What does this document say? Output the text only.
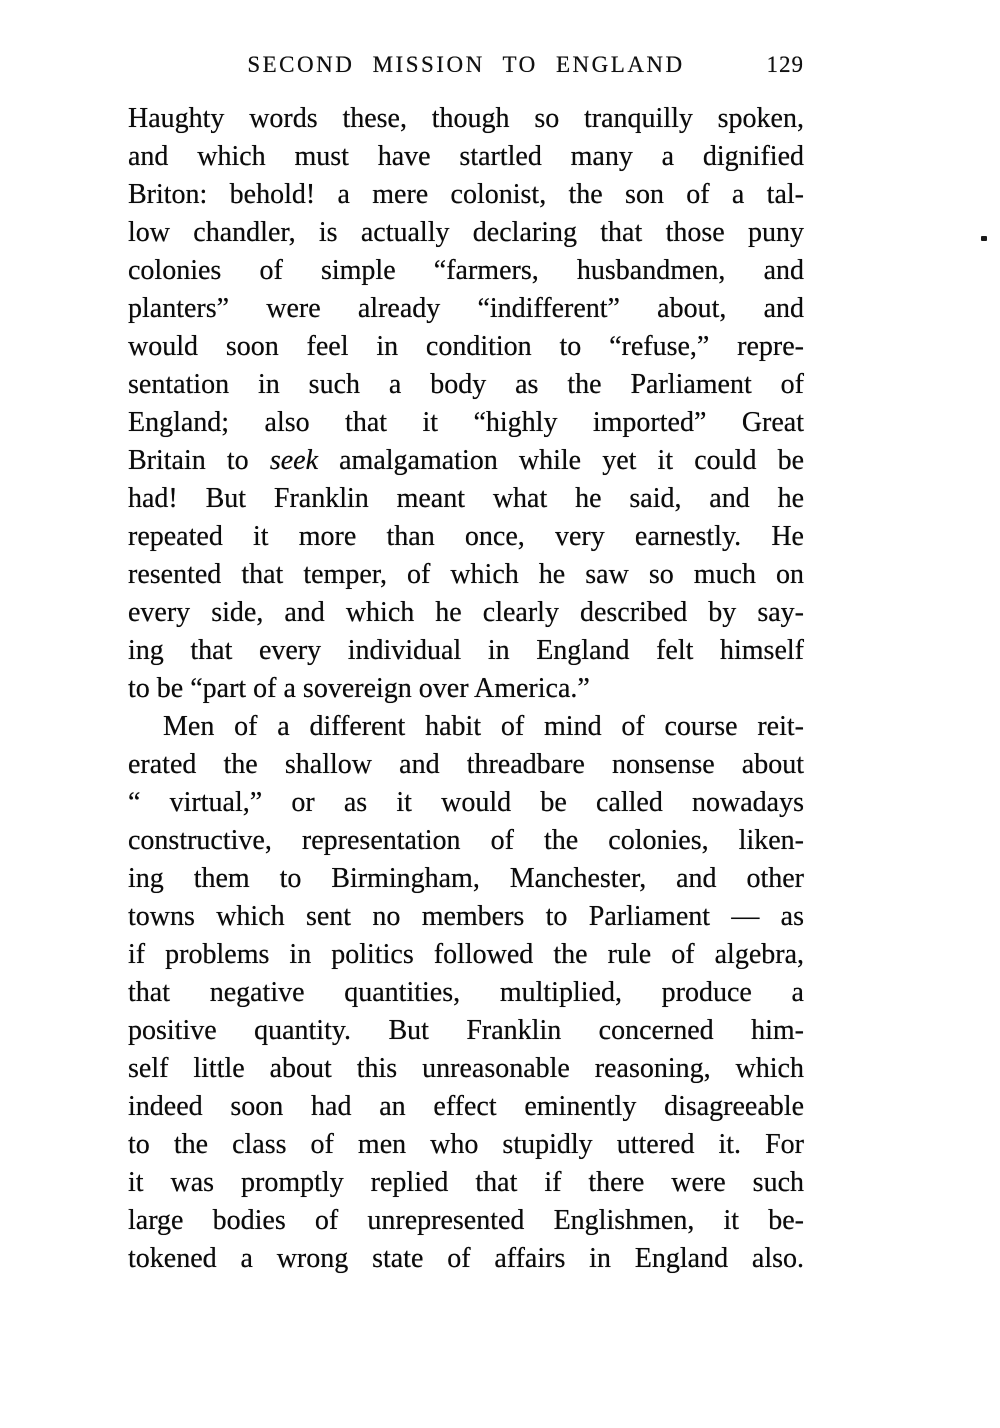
SECOND MISSION TO ENGLAND	129
Haughty words these, though so tranquilly spoken,
and which must have startled many a dignified
Briton: behold! a mere colonist, the son of a tal-
low chandler, is actually declaring that those puny
colonies of simple “farmers, husbandmen, and
planters” were already “indifferent” about, and
would soon feel in condition to “refuse,” repre-
sentation in such a body as the Parliament of
England; also that it “highly imported” Great
Britain to seek amalgamation while yet it could be
had! But Franklin meant what he said, and he
repeated it more than once, very earnestly. He
resented that temper, of which he saw so much on
every side, and which he clearly described by say-
ing that every individual in England felt himself
to be “part of a sovereign over America.”
Men of a different habit of mind of course reit-
erated the shallow and threadbare nonsense about
“ virtual,” or as it would be called nowadays
constructive, representation of the colonies, liken-
ing them to Birmingham, Manchester, and other
towns which sent no members to Parliament — as
if problems in politics followed the rule of algebra,
that negative quantities, multiplied, produce a
positive quantity. But Franklin concerned him-
self little about this unreasonable reasoning, which
indeed soon had an effect eminently disagreeable
to the class of men who stupidly uttered it. For
it was promptly replied that if there were such
large bodies of unrepresented Englishmen, it be-
tokened a wrong state of affairs in England also.
